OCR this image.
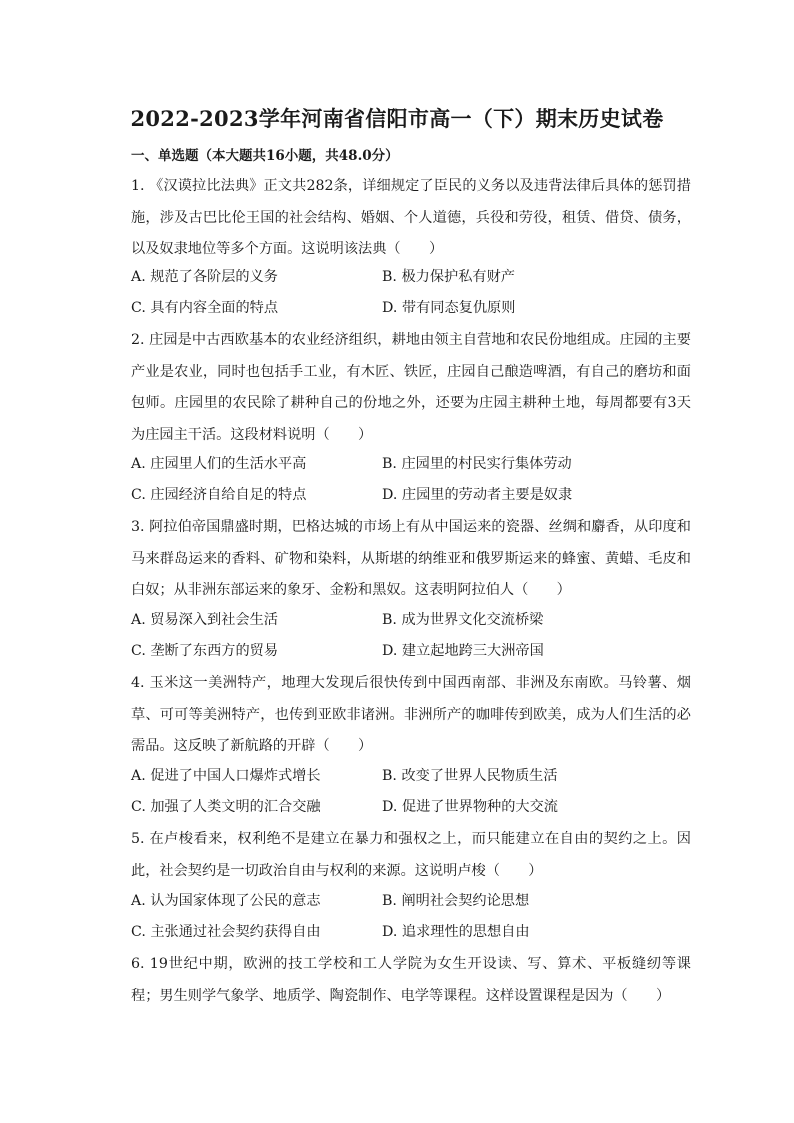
2022-2023学年河南省信阳市高一（下）期末历史试卷
一、单选题（本大题共16小题，共48.0分）
1. 《汉谟拉比法典》正文共282条，详细规定了臣民的义务以及违背法律后具体的惩罚措施，涉及古巴比伦王国的社会结构、婚姻、个人道德，兵役和劳役，租赁、借贷、债务，以及奴隶地位等多个方面。这说明该法典（　　）
A. 规范了各阶层的义务	B. 极力保护私有财产
C. 具有内容全面的特点	D. 带有同态复仇原则
2. 庄园是中古西欧基本的农业经济组织，耕地由领主自营地和农民份地组成。庄园的主要产业是农业，同时也包括手工业，有木匠、铁匠，庄园自己酿造啤酒，有自己的磨坊和面包师。庄园里的农民除了耕种自己的份地之外，还要为庄园主耕种土地，每周都要有3天为庄园主干活。这段材料说明（　　）
A. 庄园里人们的生活水平高	B. 庄园里的村民实行集体劳动
C. 庄园经济自给自足的特点	D. 庄园里的劳动者主要是奴隶
3. 阿拉伯帝国鼎盛时期，巴格达城的市场上有从中国运来的瓷器、丝绸和麝香，从印度和马来群岛运来的香料、矿物和染料，从斯堪的纳维亚和俄罗斯运来的蜂蜜、黄蜡、毛皮和白奴；从非洲东部运来的象牙、金粉和黑奴。这表明阿拉伯人（　　）
A. 贸易深入到社会生活	B. 成为世界文化交流桥梁
C. 垄断了东西方的贸易	D. 建立起地跨三大洲帝国
4. 玉米这一美洲特产，地理大发现后很快传到中国西南部、非洲及东南欧。马铃薯、烟草、可可等美洲特产，也传到亚欧非诸洲。非洲所产的咖啡传到欧美，成为人们生活的必需品。这反映了新航路的开辟（　　）
A. 促进了中国人口爆炸式增长	B. 改变了世界人民物质生活
C. 加强了人类文明的汇合交融	D. 促进了世界物种的大交流
5. 在卢梭看来，权利绝不是建立在暴力和强权之上，而只能建立在自由的契约之上。因此，社会契约是一切政治自由与权利的来源。这说明卢梭（　　）
A. 认为国家体现了公民的意志	B. 阐明社会契约论思想
C. 主张通过社会契约获得自由	D. 追求理性的思想自由
6. 19世纪中期，欧洲的技工学校和工人学院为女生开设读、写、算术、平板缝纫等课程；男生则学气象学、地质学、陶瓷制作、电学等课程。这样设置课程是因为（　　）
